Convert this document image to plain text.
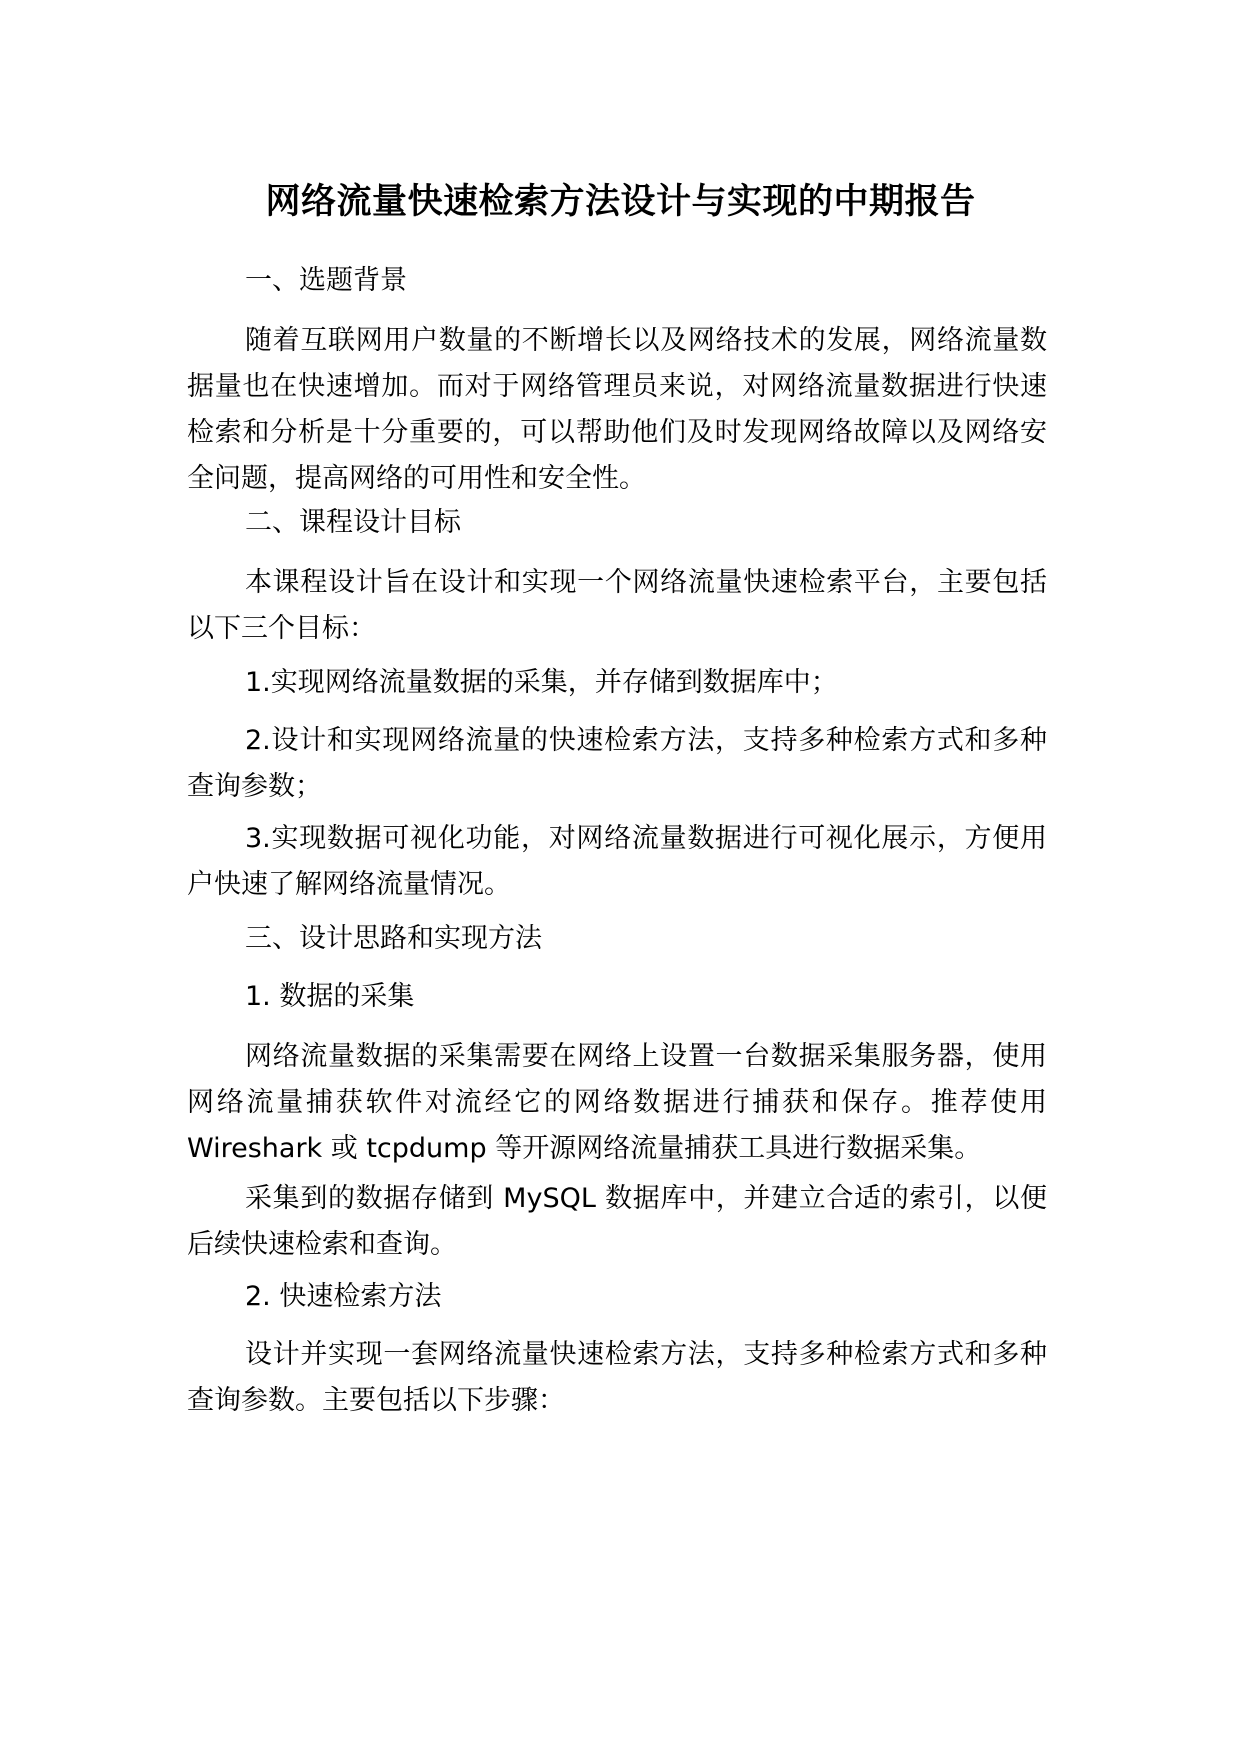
网络流量快速检索方法设计与实现的中期报告

一、选题背景

随着互联网用户数量的不断增长以及网络技术的发展，网络流量数据量也在快速增加。而对于网络管理员来说，对网络流量数据进行快速检索和分析是十分重要的，可以帮助他们及时发现网络故障以及网络安全问题，提高网络的可用性和安全性。

二、课程设计目标

本课程设计旨在设计和实现一个网络流量快速检索平台，主要包括以下三个目标：

1.实现网络流量数据的采集，并存储到数据库中；

2.设计和实现网络流量的快速检索方法，支持多种检索方式和多种查询参数；

3.实现数据可视化功能，对网络流量数据进行可视化展示，方便用户快速了解网络流量情况。

三、设计思路和实现方法

1. 数据的采集

网络流量数据的采集需要在网络上设置一台数据采集服务器，使用网络流量捕获软件对流经它的网络数据进行捕获和保存。推荐使用 Wireshark 或 tcpdump 等开源网络流量捕获工具进行数据采集。

采集到的数据存储到 MySQL 数据库中，并建立合适的索引，以便后续快速检索和查询。

2. 快速检索方法

设计并实现一套网络流量快速检索方法，支持多种检索方式和多种查询参数。主要包括以下步骤：
